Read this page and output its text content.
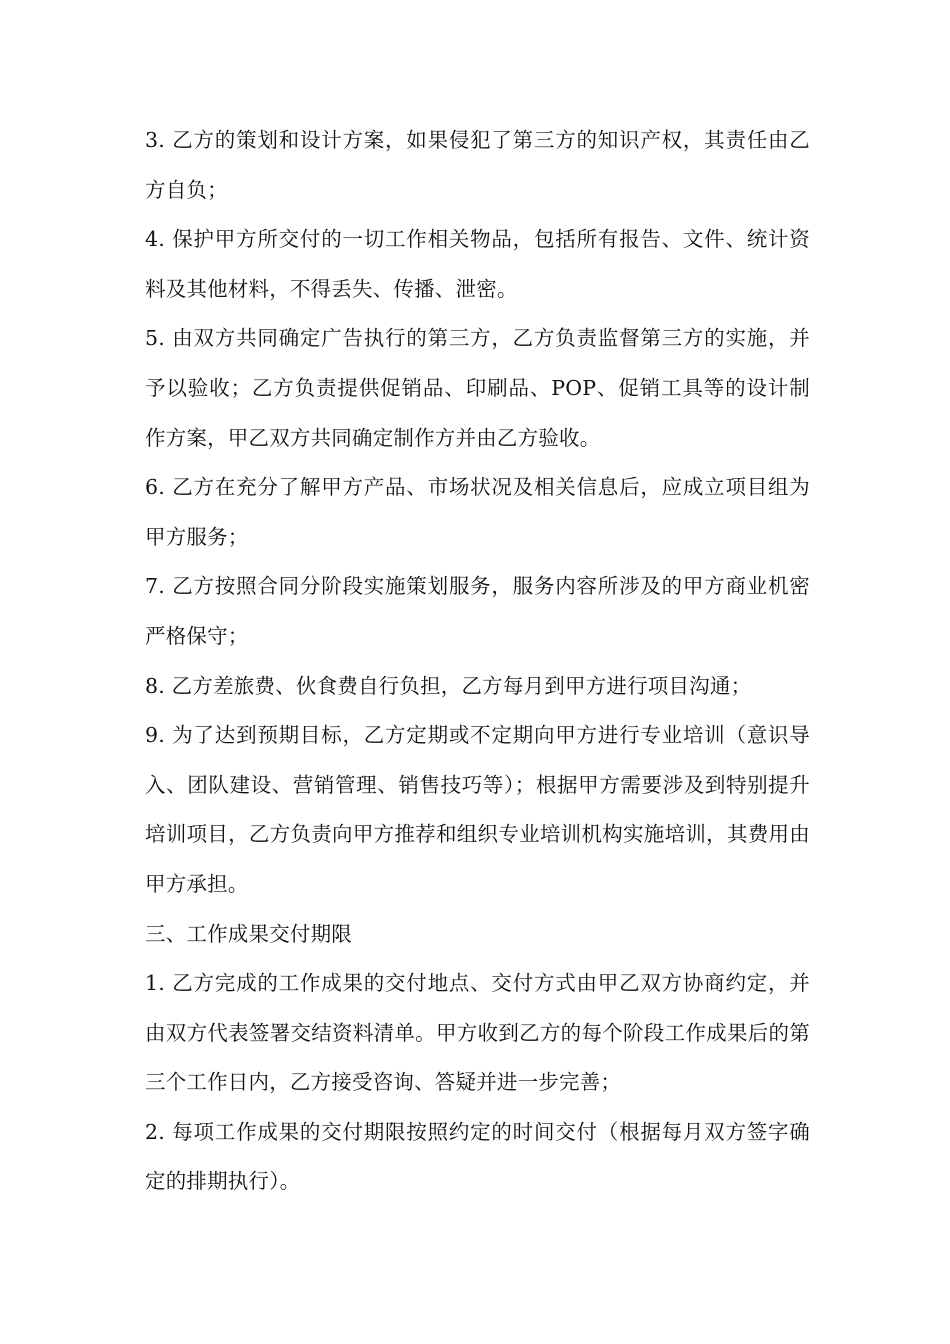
3. 乙方的策划和设计方案，如果侵犯了第三方的知识产权，其责任由乙方自负；

4. 保护甲方所交付的一切工作相关物品，包括所有报告、文件、统计资料及其他材料，不得丢失、传播、泄密。

5. 由双方共同确定广告执行的第三方，乙方负责监督第三方的实施，并予以验收；乙方负责提供促销品、印刷品、POP、促销工具等的设计制作方案，甲乙双方共同确定制作方并由乙方验收。

6. 乙方在充分了解甲方产品、市场状况及相关信息后，应成立项目组为甲方服务；

7. 乙方按照合同分阶段实施策划服务，服务内容所涉及的甲方商业机密严格保守；

8. 乙方差旅费、伙食费自行负担，乙方每月到甲方进行项目沟通；

9. 为了达到预期目标，乙方定期或不定期向甲方进行专业培训（意识导入、团队建设、营销管理、销售技巧等）；根据甲方需要涉及到特别提升培训项目，乙方负责向甲方推荐和组织专业培训机构实施培训，其费用由甲方承担。

三、工作成果交付期限

1. 乙方完成的工作成果的交付地点、交付方式由甲乙双方协商约定，并由双方代表签署交结资料清单。甲方收到乙方的每个阶段工作成果后的第三个工作日内，乙方接受咨询、答疑并进一步完善；

2. 每项工作成果的交付期限按照约定的时间交付（根据每月双方签字确定的排期执行）。
